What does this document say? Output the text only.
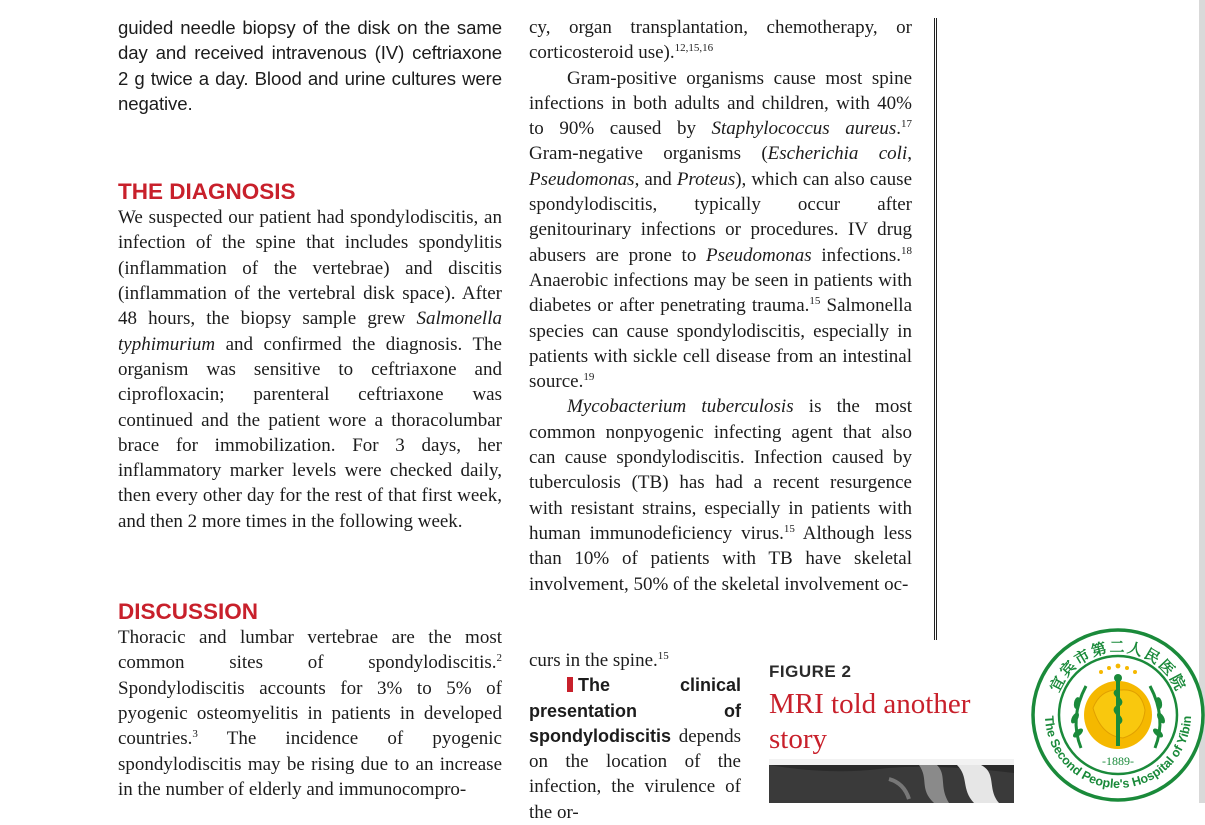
guided needle biopsy of the disk on the same day and received intravenous (IV) ceftriaxone 2 g twice a day. Blood and urine cultures were negative.

THE DIAGNOSIS

We suspected our patient had spondylodiscitis, an infection of the spine that includes spondylitis (inflammation of the vertebrae) and discitis (inflammation of the vertebral disk space). After 48 hours, the biopsy sample grew Salmonella typhimurium and confirmed the diagnosis. The organism was sensitive to ceftriaxone and ciprofloxacin; parenteral ceftriaxone was continued and the patient wore a thoracolumbar brace for immobilization. For 3 days, her inflammatory marker levels were checked daily, then every other day for the rest of that first week, and then 2 more times in the following week.

DISCUSSION

Thoracic and lumbar vertebrae are the most common sites of spondylodiscitis.$^2$ Spondylodiscitis accounts for 3% to 5% of pyogenic osteomyelitis in patients in developed countries.$^3$ The incidence of pyogenic spondylodiscitis may be rising due to an increase in the number of elderly and immunocompro-

cy, organ transplantation, chemotherapy, or corticosteroid use).$^{12,15,16}$

Gram-positive organisms cause most spine infections in both adults and children, with 40% to 90% caused by Staphylococcus aureus.$^{17}$ Gram-negative organisms (Escherichia coli, Pseudomonas, and Proteus), which can also cause spondylodiscitis, typically occur after genitourinary infections or procedures. IV drug abusers are prone to Pseudomonas infections.$^{18}$ Anaerobic infections may be seen in patients with diabetes or after penetrating trauma.$^{15}$ Salmonella species can cause spondylodiscitis, especially in patients with sickle cell disease from an intestinal source.$^{19}$

Mycobacterium tuberculosis is the most common nonpyogenic infecting agent that also can cause spondylodiscitis. Infection caused by tuberculosis (TB) has had a recent resurgence with resistant strains, especially in patients with human immunodeficiency virus.$^{15}$ Although less than 10% of patients with TB have skeletal involvement, 50% of the skeletal involvement oc-

curs in the spine.$^{15}$

The clinical presentation of spondylodiscitis depends on the location of the infection, the virulence of the or-

FIGURE 2
MRI told another story
宜宾市第二人民医院
The Second People's Hospital of Yibin
-1889-
